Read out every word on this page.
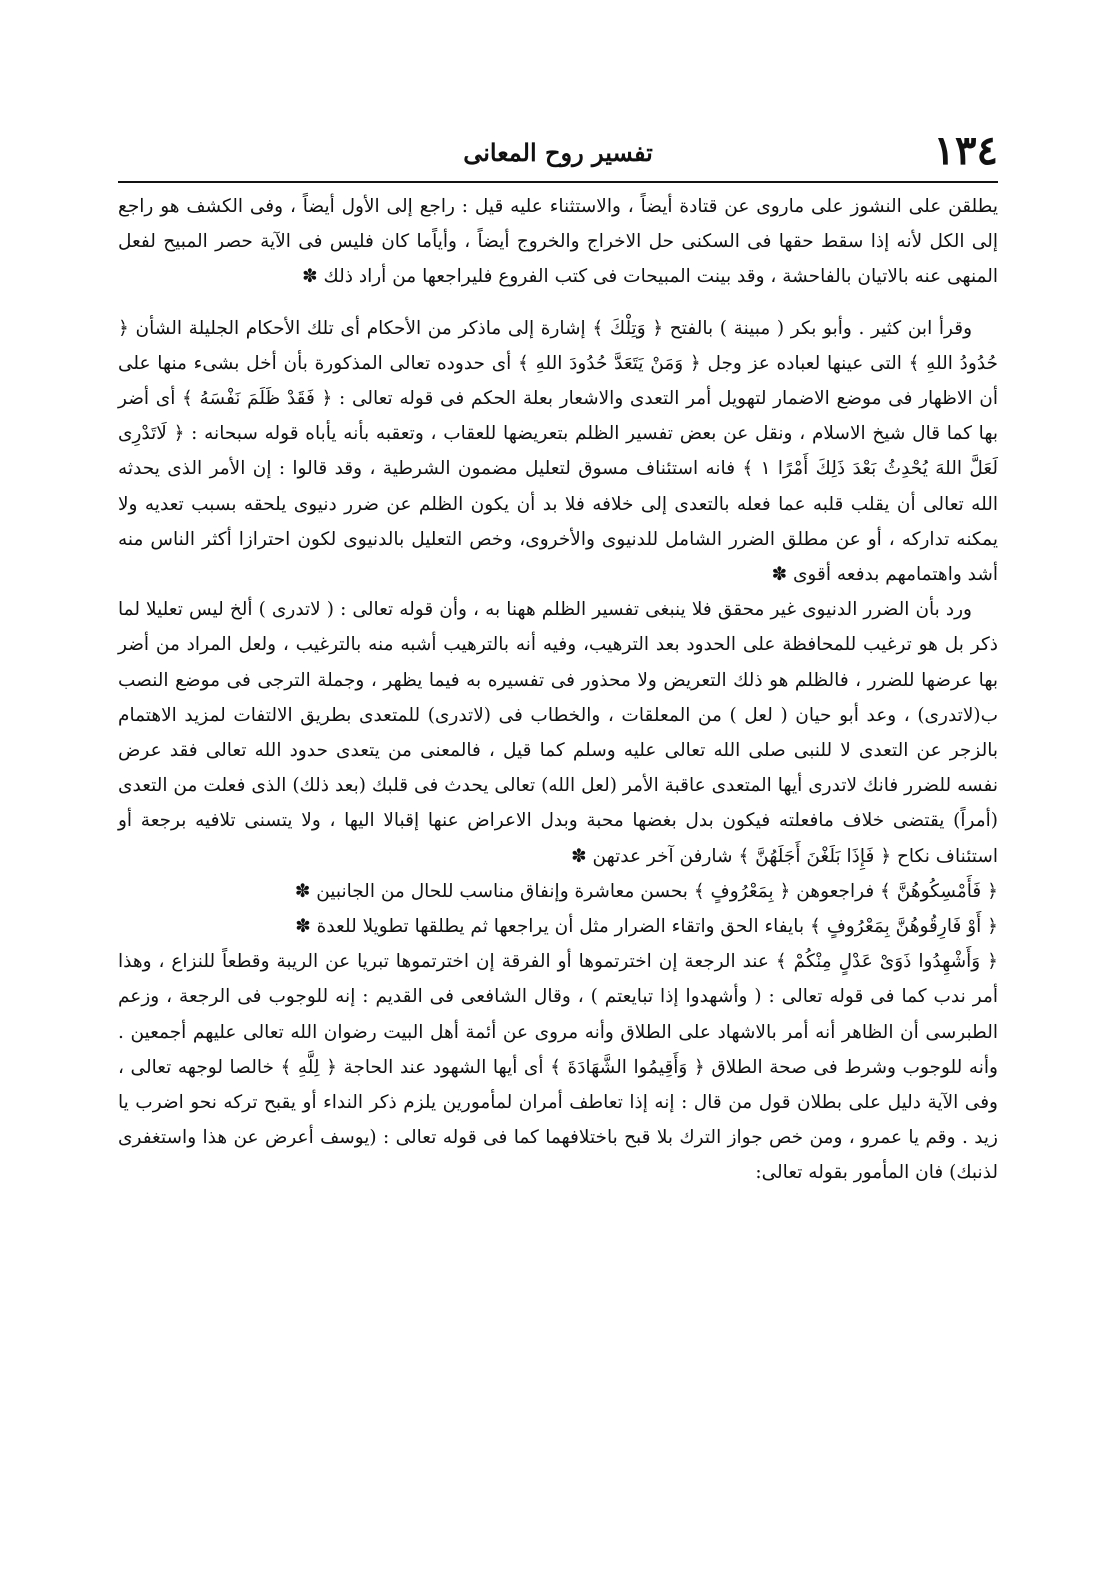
١٣٤
تفسير روح المعانى

يطلقن على النشوز على ماروى عن قتادة أيضاً ، والاستثناء عليه قيل : راجع إلى الأول أيضاً ، وفى الكشف هو راجع إلى الكل لأنه إذا سقط حقها فى السكنى حل الاخراج والخروج أيضاً ، وأياًما كان فليس فى الآية حصر المبيح لفعل المنهى عنه بالاتيان بالفاحشة ، وقد بينت المبيحات فى كتب الفروع فليراجعها من أراد ذلك ✽

وقرأ ابن كثير . وأبو بكر ( مبينة ) بالفتح ﴿ وَتِلْكَ ﴾ إشارة إلى ماذكر من الأحكام أى تلك الأحكام الجليلة الشأن ﴿ حُدُودُ اللهِ ﴾ التى عينها لعباده عز وجل ﴿ وَمَنْ يَتَعَدَّ حُدُودَ اللهِ ﴾ أى حدوده تعالى المذكورة بأن أخل بشىء منها على أن الاظهار فى موضع الاضمار لتهويل أمر التعدى والاشعار بعلة الحكم فى قوله تعالى : ﴿ فَقَدْ ظَلَمَ نَفْسَهُ ﴾ أى أضر بها كما قال شيخ الاسلام ، ونقل عن بعض تفسير الظلم بتعريضها للعقاب ، وتعقبه بأنه يأباه قوله سبحانه : ﴿ لَاتَدْرِى لَعَلَّ اللهَ يُحْدِثُ بَعْدَ ذَلِكَ أَمْرًا ١ ﴾ فانه استئناف مسوق لتعليل مضمون الشرطية ، وقد قالوا : إن الأمر الذى يحدثه الله تعالى أن يقلب قلبه عما فعله بالتعدى إلى خلافه فلا بد أن يكون الظلم عن ضرر دنيوى يلحقه بسبب تعديه ولا يمكنه تداركه ، أو عن مطلق الضرر الشامل للدنيوى والأخروى، وخص التعليل بالدنيوى لكون احترازا أكثر الناس منه أشد واهتمامهم بدفعه أقوى ✽

ورد بأن الضرر الدنيوى غير محقق فلا ينبغى تفسير الظلم ههنا به ، وأن قوله تعالى : ( لاتدرى ) ألخ ليس تعليلا لما ذكر بل هو ترغيب للمحافظة على الحدود بعد الترهيب، وفيه أنه بالترهيب أشبه منه بالترغيب ، ولعل المراد من أضر بها عرضها للضرر ، فالظلم هو ذلك التعريض ولا محذور فى تفسيره به فيما يظهر ، وجملة الترجى فى موضع النصب ب(لاتدرى) ، وعد أبو حيان ( لعل ) من المعلقات ، والخطاب فى (لاتدرى) للمتعدى بطريق الالتفات لمزيد الاهتمام بالزجر عن التعدى لا للنبى صلى الله تعالى عليه وسلم كما قيل ، فالمعنى من يتعدى حدود الله تعالى فقد عرض نفسه للضرر فانك لاتدرى أيها المتعدى عاقبة الأمر (لعل الله) تعالى يحدث فى قلبك (بعد ذلك) الذى فعلت من التعدى (أمراً) يقتضى خلاف مافعلته فيكون بدل بغضها محبة وبدل الاعراض عنها إقبالا اليها ، ولا يتسنى تلافيه برجعة أو استئناف نكاح ﴿ فَإِذَا بَلَغْنَ أَجَلَهُنَّ ﴾ شارفن آخر عدتهن ✽

﴿ فَأَمْسِكُوهُنَّ ﴾ فراجعوهن ﴿ بِمَعْرُوفٍ ﴾ بحسن معاشرة وإنفاق مناسب للحال من الجانبين ✽

﴿ أَوْ فَارِقُوهُنَّ بِمَعْرُوفٍ ﴾ بايفاء الحق واتقاء الضرار مثل أن يراجعها ثم يطلقها تطويلا للعدة ✽

﴿ وَأَشْهِدُوا ذَوَىْ عَدْلٍ مِنْكُمْ ﴾ عند الرجعة إن اخترتموها أو الفرقة إن اخترتموها تبريا عن الريبة وقطعاً للنزاع ، وهذا أمر ندب كما فى قوله تعالى : ( وأشهدوا إذا تبايعتم ) ، وقال الشافعى فى القديم : إنه للوجوب فى الرجعة ، وزعم الطبرسى أن الظاهر أنه أمر بالاشهاد على الطلاق وأنه مروى عن أئمة أهل البيت رضوان الله تعالى عليهم أجمعين . وأنه للوجوب وشرط فى صحة الطلاق ﴿ وَأَقِيمُوا الشَّهَادَةَ ﴾ أى أيها الشهود عند الحاجة ﴿ لِلَّهِ ﴾ خالصا لوجهه تعالى ، وفى الآية دليل على بطلان قول من قال : إنه إذا تعاطف أمران لمأمورين يلزم ذكر النداء أو يقبح تركه نحو اضرب يا زيد . وقم يا عمرو ، ومن خص جواز الترك بلا قبح باختلافهما كما فى قوله تعالى : (يوسف أعرض عن هذا واستغفرى لذنبك) فان المأمور بقوله تعالى:
